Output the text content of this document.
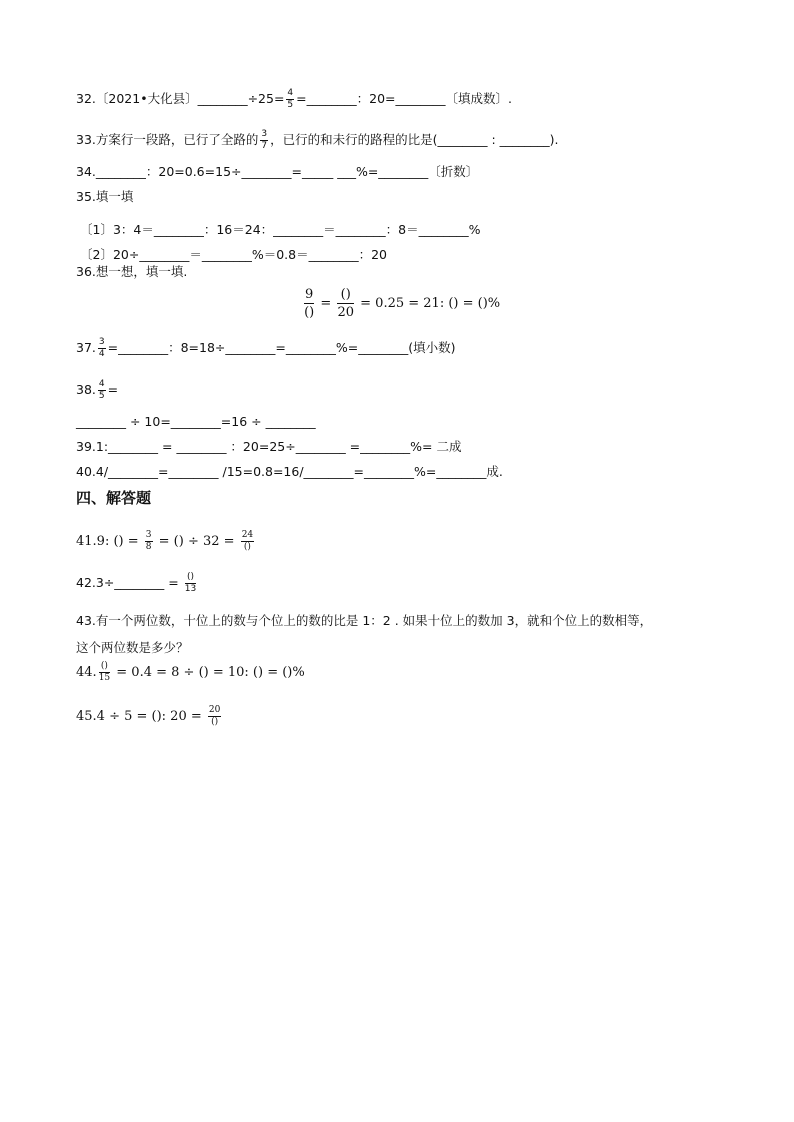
32.〔2021•大化县〕________÷25= $\frac{4}{5}$ =________：20=________〔填成数〕.
33.方案行一段路，已行了全路的 $\frac{3}{7}$ ，已行的和未行的路程的比是(________ : ________).
34.________：20=0.6=15÷________=_____ ___%=________〔折数〕
35.填一填
〔1〕3：4＝________：16＝24：________＝________：8＝________%
〔2〕20÷________＝________%＝0.8＝________：20
36.想一想，填一填.
$\frac{9}{()} = \frac{()}{20} = 0.25 = 21$: () = ()%
37. $\frac{3}{4}$ =________：8=18÷________=________%=________(填小数)
38. $\frac{4}{5}$ =
________ ÷ 10=________=16 ÷ ________
39.1:________ = ________ ：20=25÷________ =________%= 二成
40.4/________=________ /15=0.8=16/________=________%=________成.
四、解答题
41.9: () = $\frac{3}{8}$ = () ÷ $32 = \frac{24}{()}$
42.3÷________ = $\frac{()}{13}$
43.有一个两位数，十位上的数与个位上的数的比是 1：2 . 如果十位上的数加 3，就和个位上的数相等，
这个两位数是多少？
44. $\frac{()}{15} = 0.4 = 8$ ÷ () = 10: () = ()%
45.4 ÷ 5 = (): $20 = \frac{20}{()}$
